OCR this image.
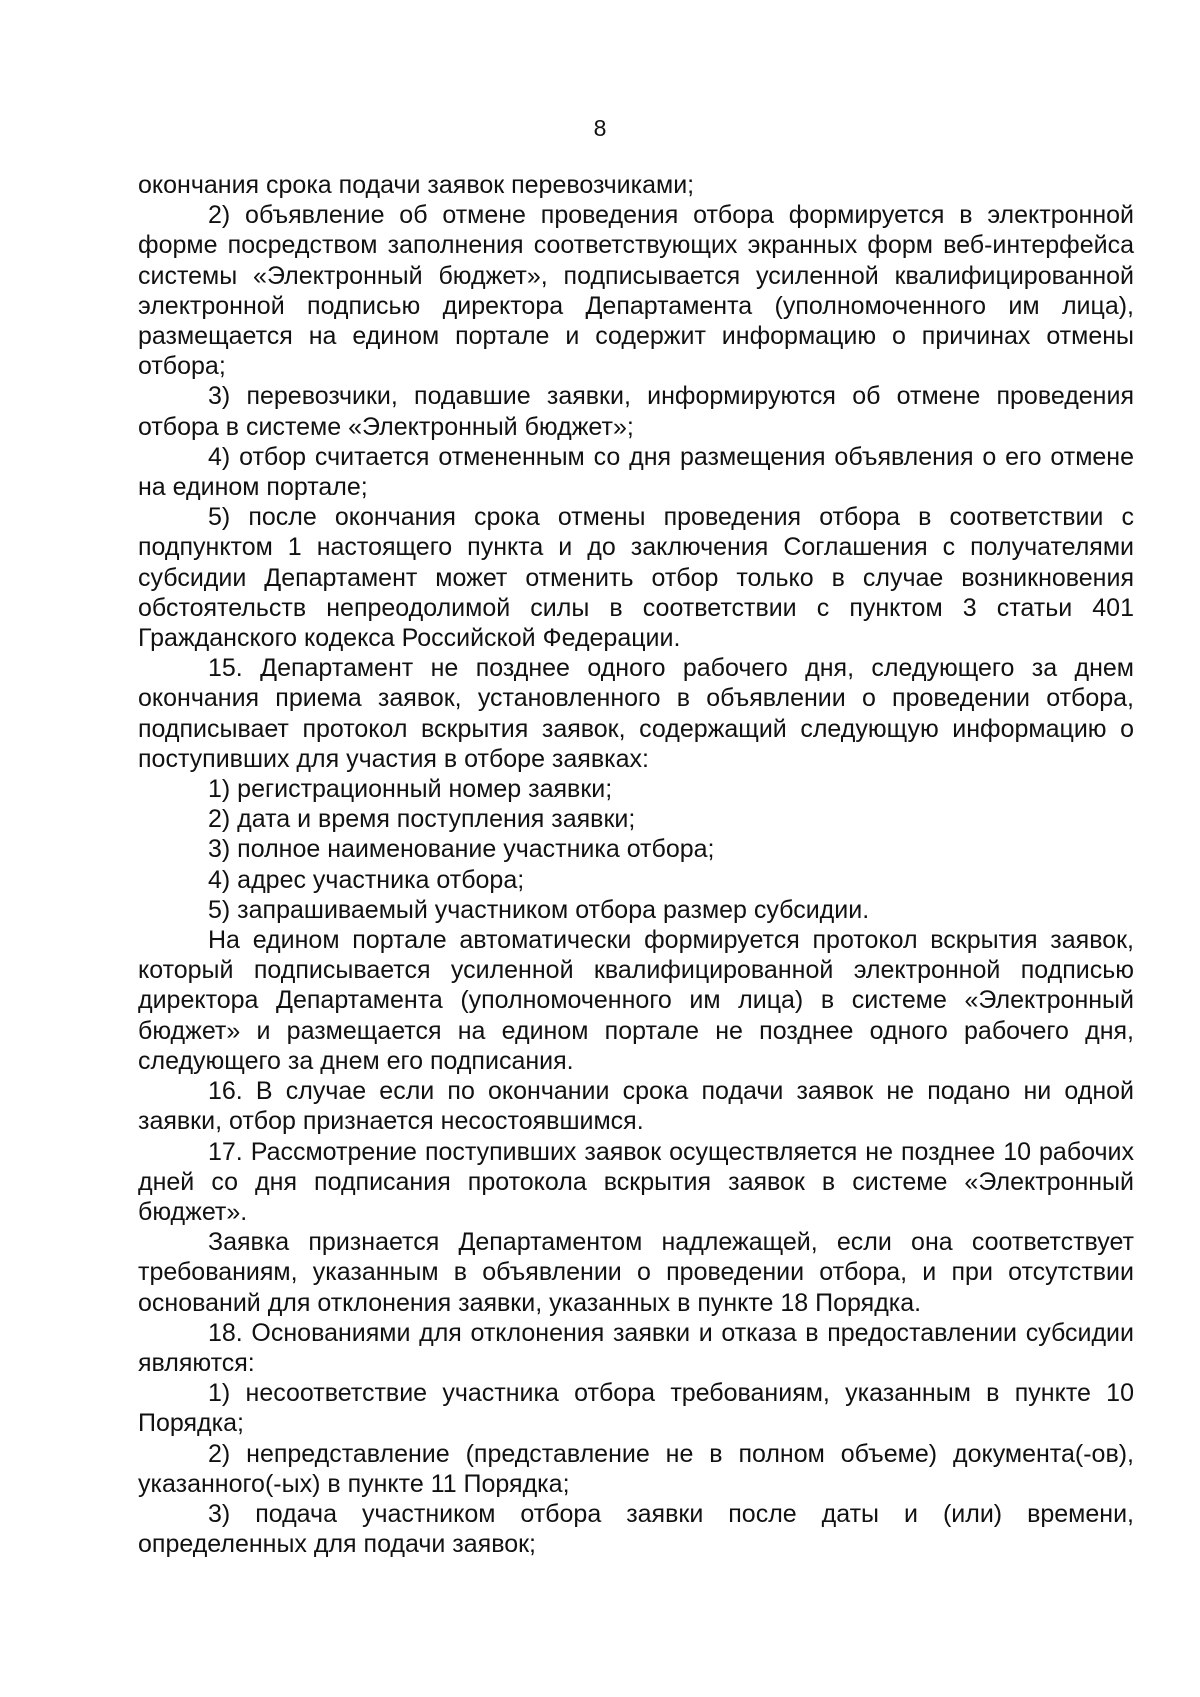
8

окончания срока подачи заявок перевозчиками;

2) объявление об отмене проведения отбора формируется в электронной форме посредством заполнения соответствующих экранных форм веб-интерфейса системы «Электронный бюджет», подписывается усиленной квалифицированной электронной подписью директора Департамента (уполномоченного им лица), размещается на едином портале и содержит информацию о причинах отмены отбора;

3) перевозчики, подавшие заявки, информируются об отмене проведения отбора в системе «Электронный бюджет»;

4) отбор считается отмененным со дня размещения объявления о его отмене на едином портале;

5) после окончания срока отмены проведения отбора в соответствии с подпунктом 1 настоящего пункта и до заключения Соглашения с получателями субсидии Департамент может отменить отбор только в случае возникновения обстоятельств непреодолимой силы в соответствии с пунктом 3 статьи 401 Гражданского кодекса Российской Федерации.

15. Департамент не позднее одного рабочего дня, следующего за днем окончания приема заявок, установленного в объявлении о проведении отбора, подписывает протокол вскрытия заявок, содержащий следующую информацию о поступивших для участия в отборе заявках:

1) регистрационный номер заявки;

2) дата и время поступления заявки;

3) полное наименование участника отбора;

4) адрес участника отбора;

5) запрашиваемый участником отбора размер субсидии.

На едином портале автоматически формируется протокол вскрытия заявок, который подписывается усиленной квалифицированной электронной подписью директора Департамента (уполномоченного им лица) в системе «Электронный бюджет» и размещается на едином портале не позднее одного рабочего дня, следующего за днем его подписания.

16. В случае если по окончании срока подачи заявок не подано ни одной заявки, отбор признается несостоявшимся.

17. Рассмотрение поступивших заявок осуществляется не позднее 10 рабочих дней со дня подписания протокола вскрытия заявок в системе «Электронный бюджет».

Заявка признается Департаментом надлежащей, если она соответствует требованиям, указанным в объявлении о проведении отбора, и при отсутствии оснований для отклонения заявки, указанных в пункте 18 Порядка.

18. Основаниями для отклонения заявки и отказа в предоставлении субсидии являются:

1) несоответствие участника отбора требованиям, указанным в пункте 10 Порядка;

2) непредставление (представление не в полном объеме) документа(-ов), указанного(-ых) в пункте 11 Порядка;

3) подача участником отбора заявки после даты и (или) времени, определенных для подачи заявок;
